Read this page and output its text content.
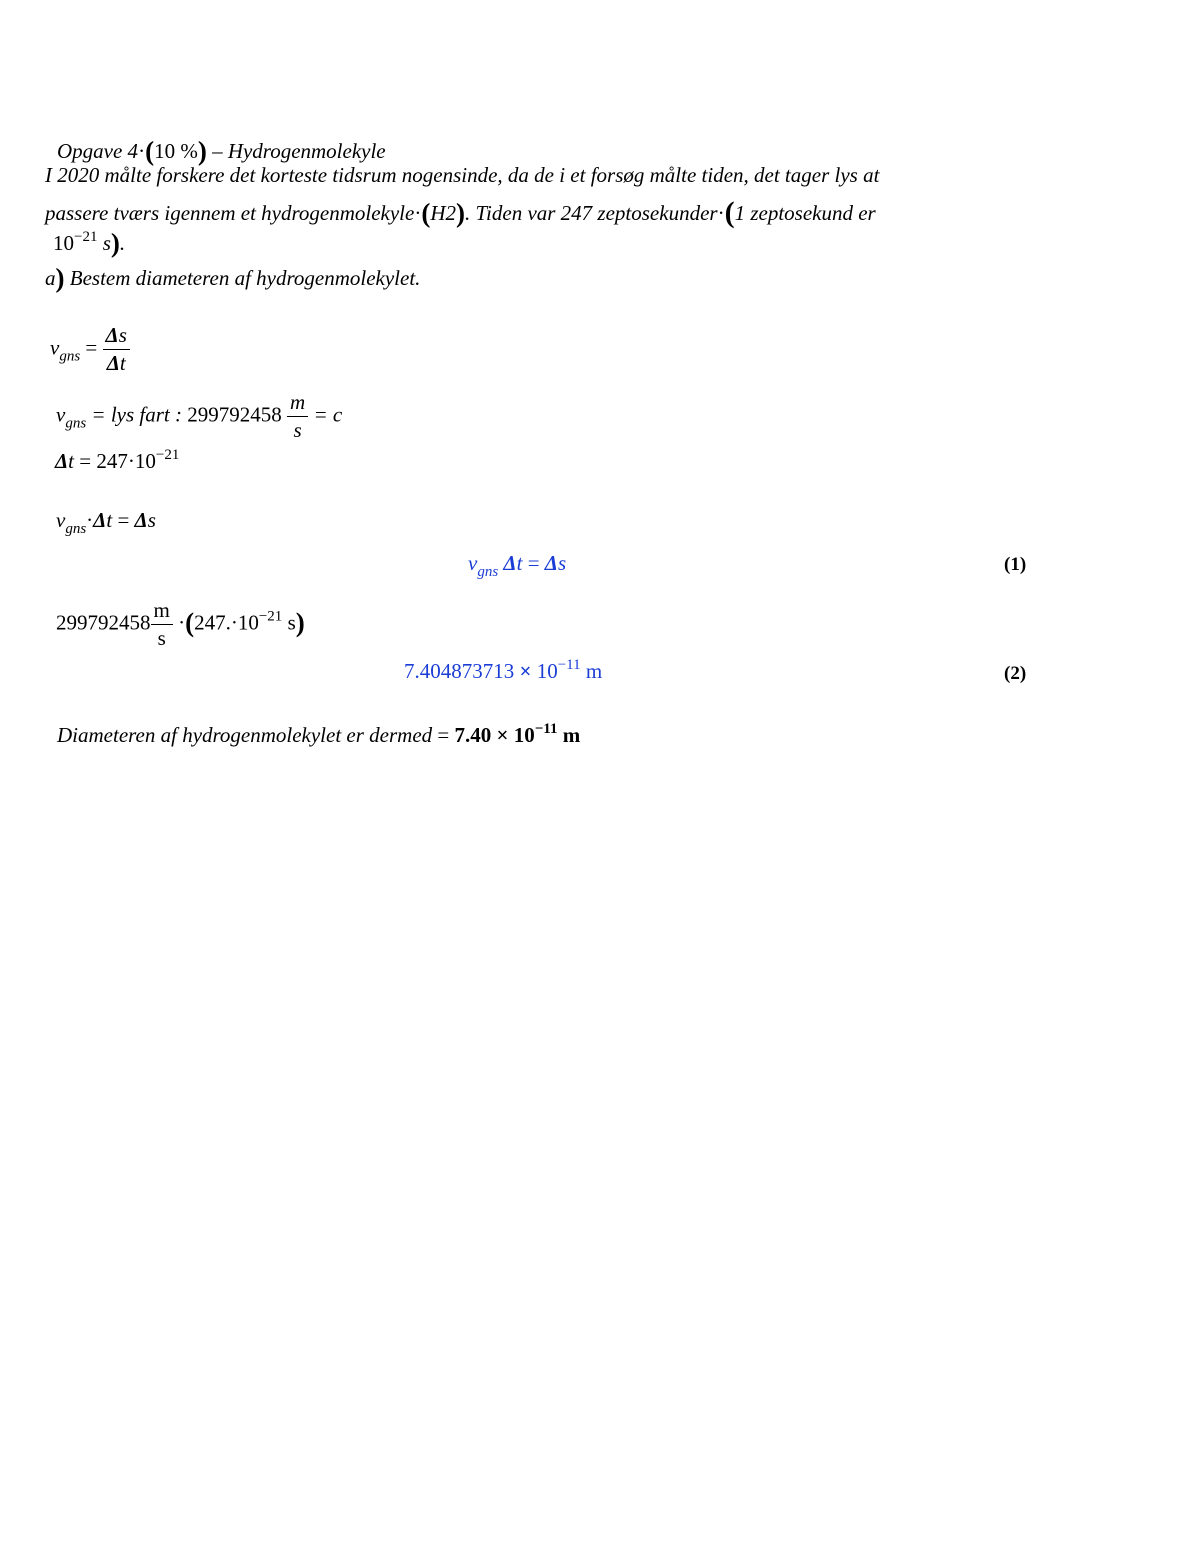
Opgave 4·(10 %) – Hydrogenmolekyle
I 2020 målte forskere det korteste tidsrum nogensinde, da de i et forsøg målte tiden, det tager lys at
passere tværs igennem et hydrogenmolekyle·(H2). Tiden var 247 zeptosekunder·(1 zeptosekund er
$10^{-21}$ s).
a) Bestem diameteren af hydrogenmolekylet.
$v_{gns} = \frac{\Delta s}{\Delta t}$
$v_{gns}$ = lys fart : $299792458 \frac{m}{s} = c$
$\Delta t = 247\cdot 10^{-21}$
$v_{gns}\cdot\Delta t = \Delta s$
$v_{gns}$ Δt = Δs	(1)
$299792458 \frac{m}{s} \cdot(247.\cdot 10^{-21}$ s)
$7.404873713 \times 10^{-11}$ m	(2)
Diameteren af hydrogenmolekylet er dermed = $7.40 \times 10^{-11}$ m
